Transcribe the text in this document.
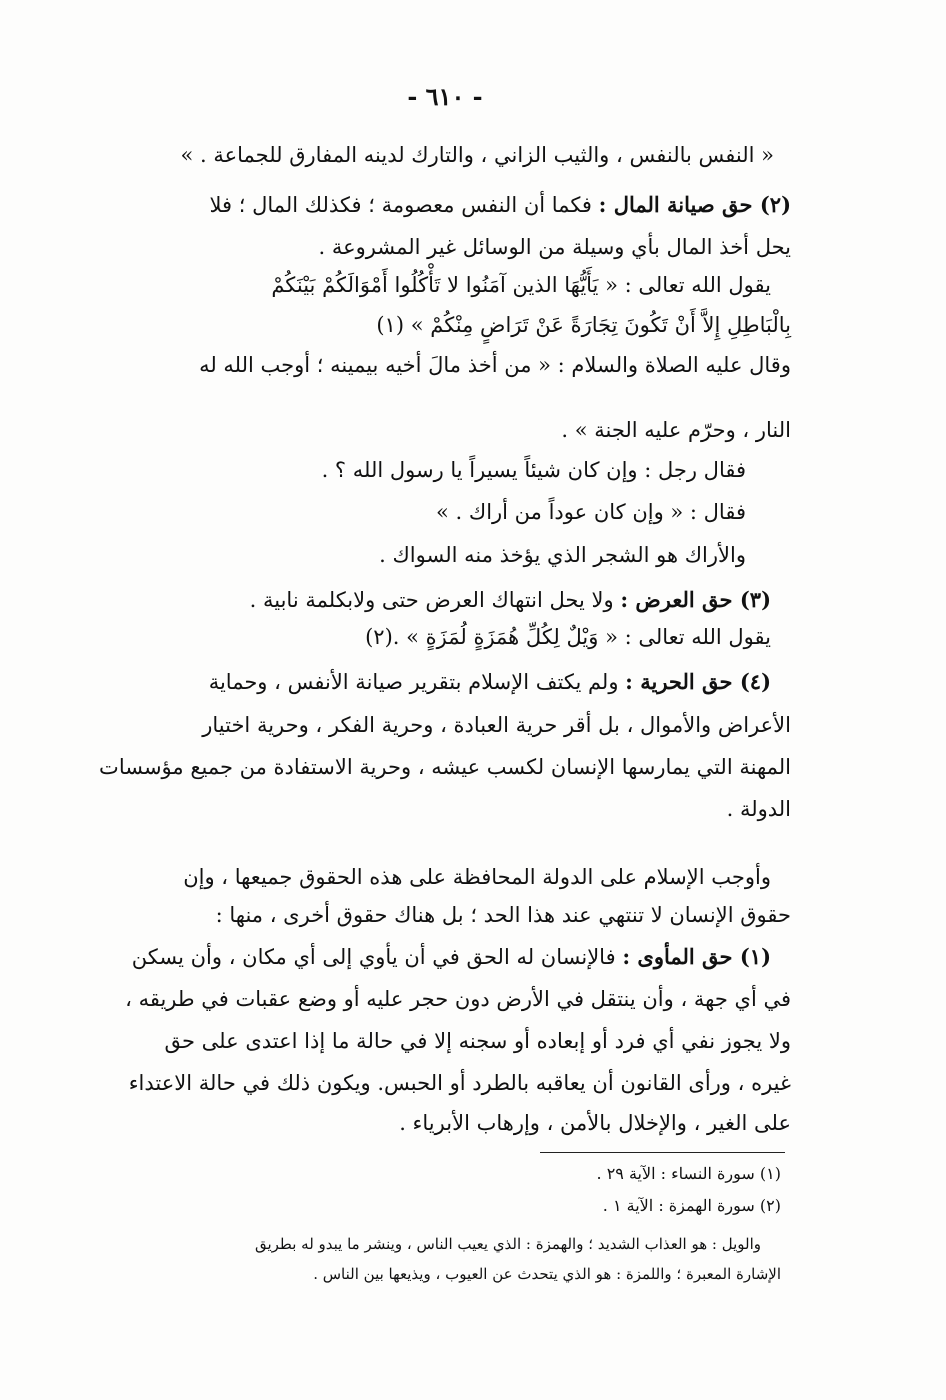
- ٦١٠ -
« النفس بالنفس ، والثيب الزاني ، والتارك لدينه المفارق للجماعة . »
(٢) حق صيانة المال : فكما أن النفس معصومة ؛ فكذلك المال ؛ فلا
يحل أخذ المال بأي وسيلة من الوسائل غير المشروعة .
يقول الله تعالى : « يَأَيُّهَا الذين آمَنُوا لا تَأْكُلُوا أَمْوَالَكُمْ بَيْنَكُمْ
بِالْبَاطِلِ إِلاَّ أَنْ تَكُونَ تِجَارَةً عَنْ تَرَاضٍ مِنْكُمْ » (١)
وقال عليه الصلاة والسلام : « من أخذ مالَ أخيه بيمينه ؛ أوجب الله له
النار ، وحرّم عليه الجنة » .
فقال رجل : وإن كان شيئاً يسيراً يا رسول الله ؟ .
فقال : « وإن كان عوداً من أراك . »
والأراك هو الشجر الذي يؤخذ منه السواك .
(٣) حق العرض : ولا يحل انتهاك العرض حتى ولابكلمة نابية .
يقول الله تعالى : « وَيْلٌ لِكُلِّ هُمَزَةٍ لُمَزَةٍ » .(٢)
(٤) حق الحرية : ولم يكتف الإسلام بتقرير صيانة الأنفس ، وحماية
الأعراض والأموال ، بل أقر حرية العبادة ، وحرية الفكر ، وحرية اختيار
المهنة التي يمارسها الإنسان لكسب عيشه ، وحرية الاستفادة من جميع مؤسسات
الدولة .
وأوجب الإسلام على الدولة المحافظة على هذه الحقوق جميعها ، وإن
حقوق الإنسان لا تنتهي عند هذا الحد ؛ بل هناك حقوق أخرى ، منها :
(١) حق المأوى : فالإنسان له الحق في أن يأوي إلى أي مكان ، وأن يسكن
في أي جهة ، وأن ينتقل في الأرض دون حجر عليه أو وضع عقبات في طريقه ،
ولا يجوز نفي أي فرد أو إبعاده أو سجنه إلا في حالة ما إذا اعتدى على حق
غيره ، ورأى القانون أن يعاقبه بالطرد أو الحبس. ويكون ذلك في حالة الاعتداء
على الغير ، والإخلال بالأمن ، وإرهاب الأبرياء .
(١) سورة النساء : الآية ٢٩ .
(٢) سورة الهمزة : الآية ١ .
والويل : هو العذاب الشديد ؛ والهمزة : الذي يعيب الناس ، وينشر ما يبدو له بطريق
الإشارة المعبرة ؛ واللمزة : هو الذي يتحدث عن العيوب ، ويذيعها بين الناس .
